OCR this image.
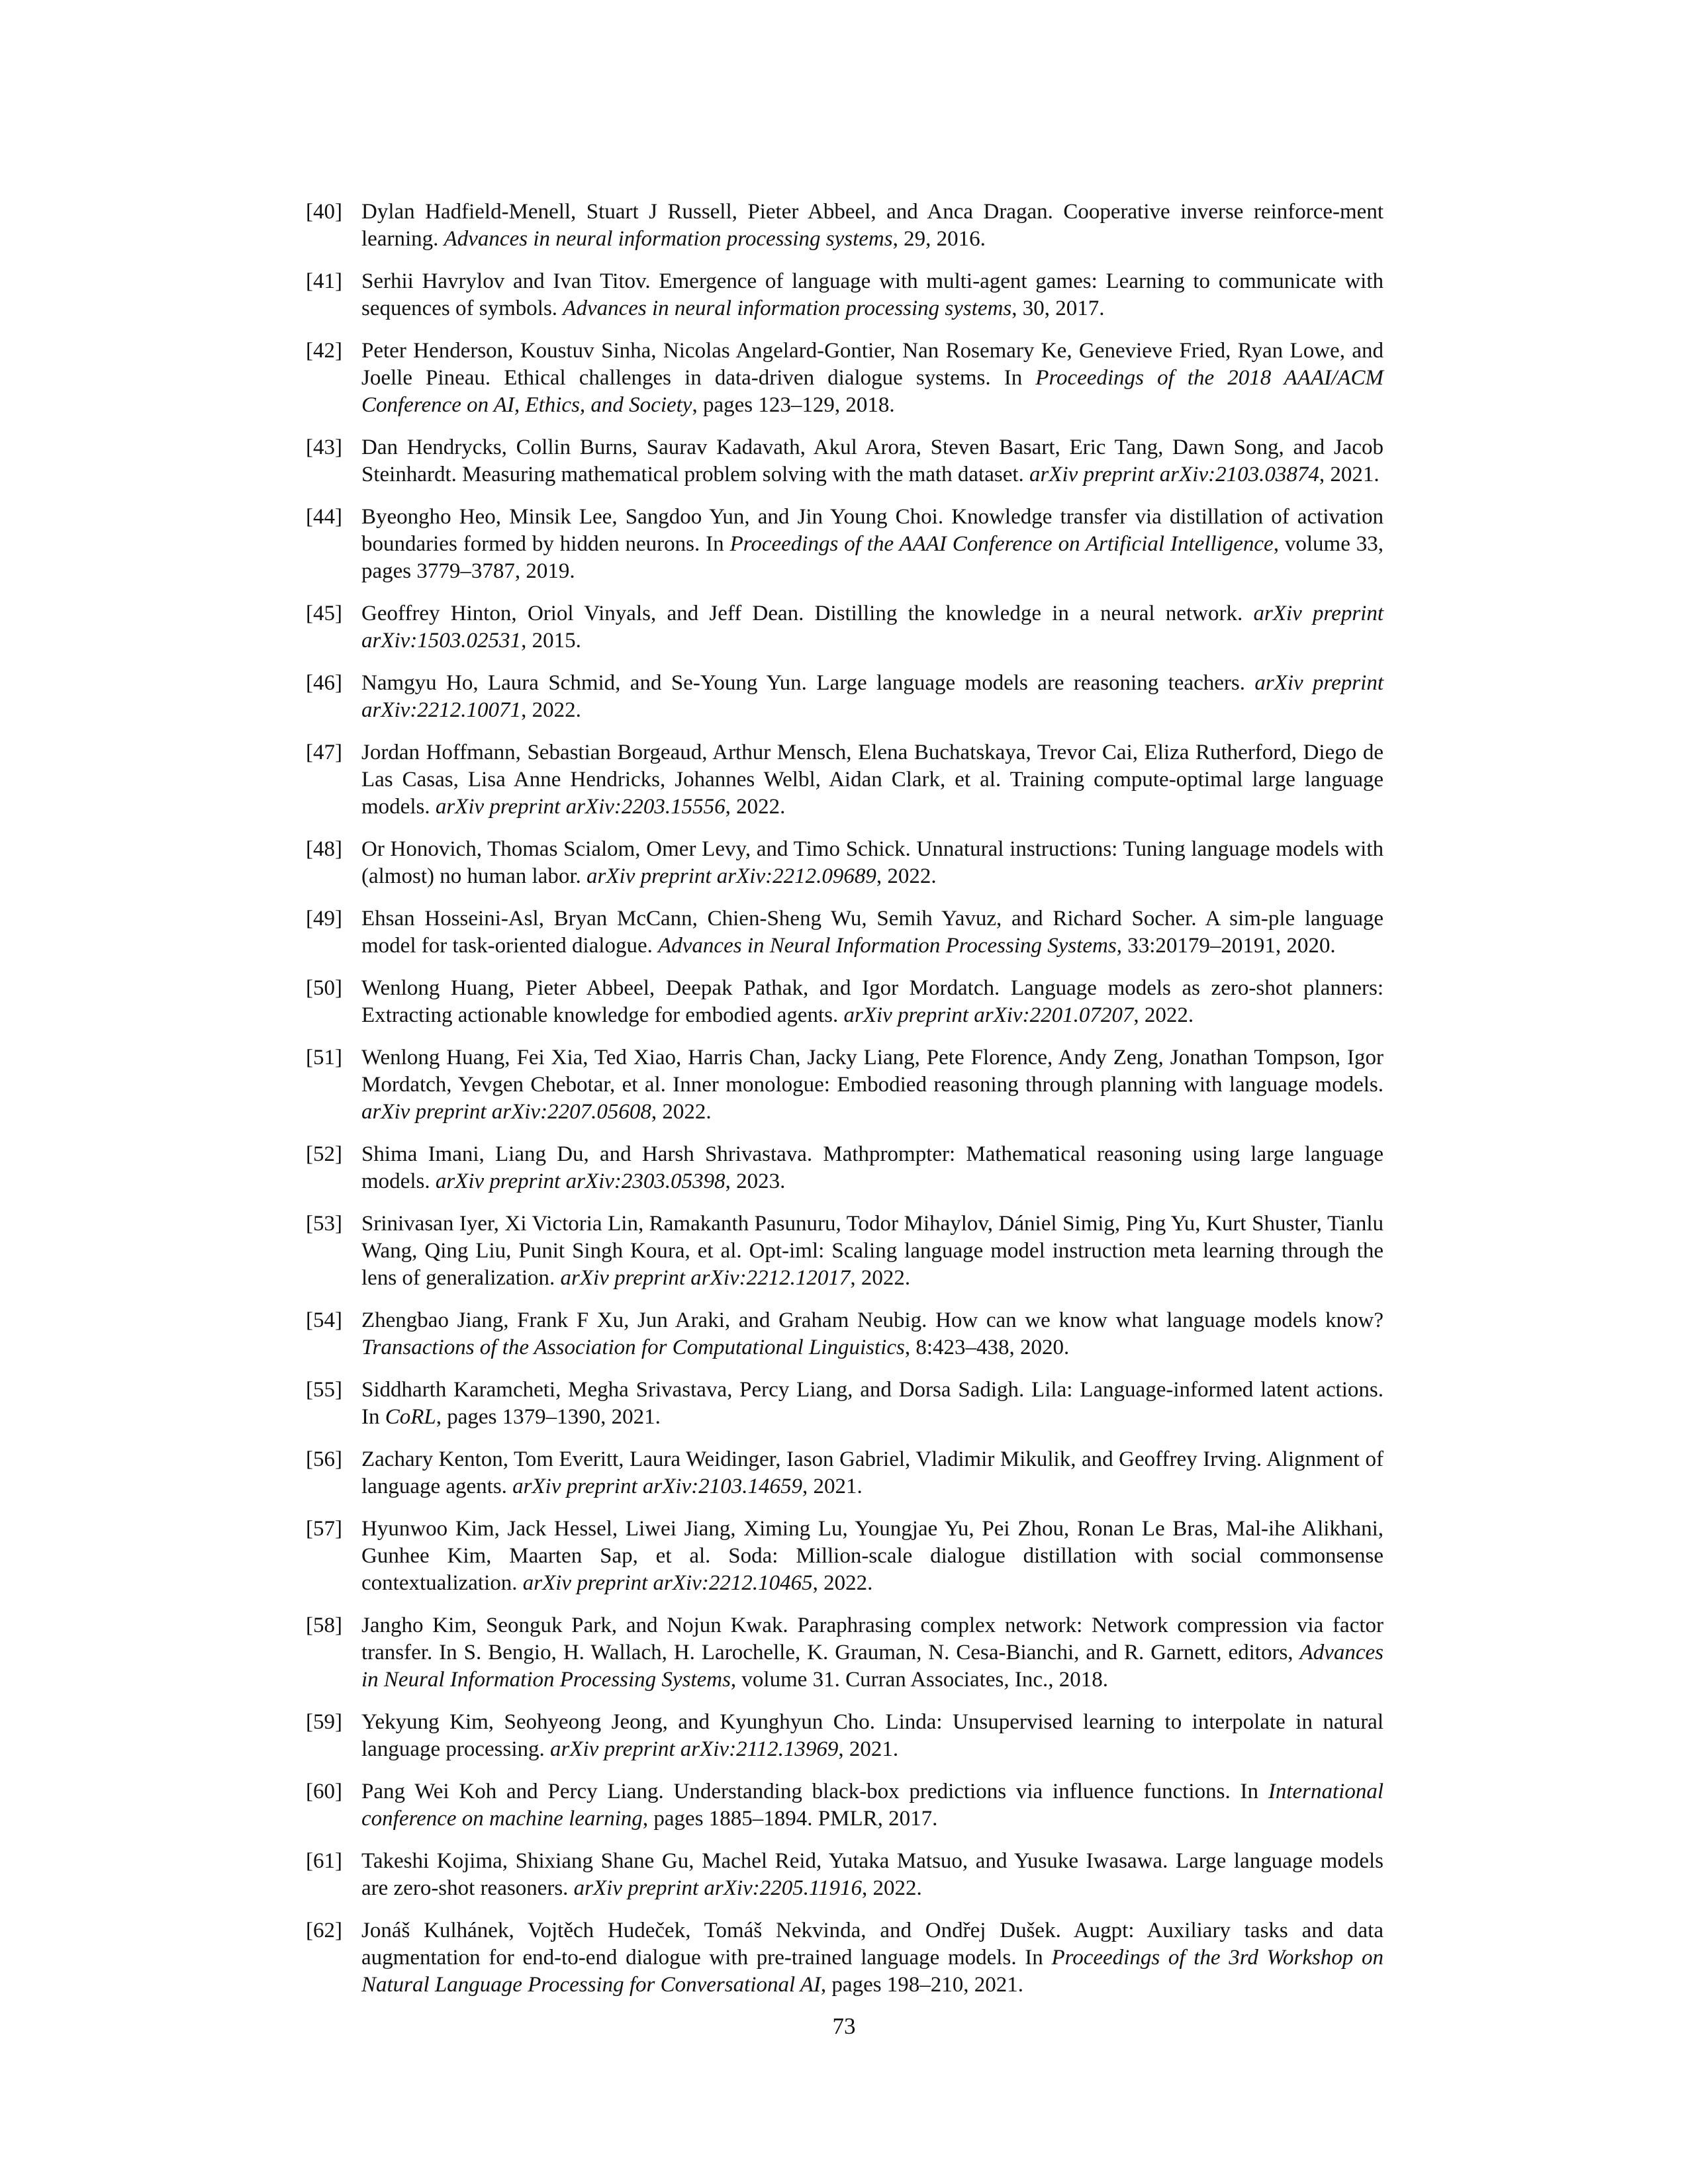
[40] Dylan Hadfield-Menell, Stuart J Russell, Pieter Abbeel, and Anca Dragan. Cooperative inverse reinforce-ment learning. Advances in neural information processing systems, 29, 2016.
[41] Serhii Havrylov and Ivan Titov. Emergence of language with multi-agent games: Learning to communicate with sequences of symbols. Advances in neural information processing systems, 30, 2017.
[42] Peter Henderson, Koustuv Sinha, Nicolas Angelard-Gontier, Nan Rosemary Ke, Genevieve Fried, Ryan Lowe, and Joelle Pineau. Ethical challenges in data-driven dialogue systems. In Proceedings of the 2018 AAAI/ACM Conference on AI, Ethics, and Society, pages 123–129, 2018.
[43] Dan Hendrycks, Collin Burns, Saurav Kadavath, Akul Arora, Steven Basart, Eric Tang, Dawn Song, and Jacob Steinhardt. Measuring mathematical problem solving with the math dataset. arXiv preprint arXiv:2103.03874, 2021.
[44] Byeongho Heo, Minsik Lee, Sangdoo Yun, and Jin Young Choi. Knowledge transfer via distillation of activation boundaries formed by hidden neurons. In Proceedings of the AAAI Conference on Artificial Intelligence, volume 33, pages 3779–3787, 2019.
[45] Geoffrey Hinton, Oriol Vinyals, and Jeff Dean. Distilling the knowledge in a neural network. arXiv preprint arXiv:1503.02531, 2015.
[46] Namgyu Ho, Laura Schmid, and Se-Young Yun. Large language models are reasoning teachers. arXiv preprint arXiv:2212.10071, 2022.
[47] Jordan Hoffmann, Sebastian Borgeaud, Arthur Mensch, Elena Buchatskaya, Trevor Cai, Eliza Rutherford, Diego de Las Casas, Lisa Anne Hendricks, Johannes Welbl, Aidan Clark, et al. Training compute-optimal large language models. arXiv preprint arXiv:2203.15556, 2022.
[48] Or Honovich, Thomas Scialom, Omer Levy, and Timo Schick. Unnatural instructions: Tuning language models with (almost) no human labor. arXiv preprint arXiv:2212.09689, 2022.
[49] Ehsan Hosseini-Asl, Bryan McCann, Chien-Sheng Wu, Semih Yavuz, and Richard Socher. A sim-ple language model for task-oriented dialogue. Advances in Neural Information Processing Systems, 33:20179–20191, 2020.
[50] Wenlong Huang, Pieter Abbeel, Deepak Pathak, and Igor Mordatch. Language models as zero-shot planners: Extracting actionable knowledge for embodied agents. arXiv preprint arXiv:2201.07207, 2022.
[51] Wenlong Huang, Fei Xia, Ted Xiao, Harris Chan, Jacky Liang, Pete Florence, Andy Zeng, Jonathan Tompson, Igor Mordatch, Yevgen Chebotar, et al. Inner monologue: Embodied reasoning through planning with language models. arXiv preprint arXiv:2207.05608, 2022.
[52] Shima Imani, Liang Du, and Harsh Shrivastava. Mathprompter: Mathematical reasoning using large language models. arXiv preprint arXiv:2303.05398, 2023.
[53] Srinivasan Iyer, Xi Victoria Lin, Ramakanth Pasunuru, Todor Mihaylov, Dániel Simig, Ping Yu, Kurt Shuster, Tianlu Wang, Qing Liu, Punit Singh Koura, et al. Opt-iml: Scaling language model instruction meta learning through the lens of generalization. arXiv preprint arXiv:2212.12017, 2022.
[54] Zhengbao Jiang, Frank F Xu, Jun Araki, and Graham Neubig. How can we know what language models know? Transactions of the Association for Computational Linguistics, 8:423–438, 2020.
[55] Siddharth Karamcheti, Megha Srivastava, Percy Liang, and Dorsa Sadigh. Lila: Language-informed latent actions. In CoRL, pages 1379–1390, 2021.
[56] Zachary Kenton, Tom Everitt, Laura Weidinger, Iason Gabriel, Vladimir Mikulik, and Geoffrey Irving. Alignment of language agents. arXiv preprint arXiv:2103.14659, 2021.
[57] Hyunwoo Kim, Jack Hessel, Liwei Jiang, Ximing Lu, Youngjae Yu, Pei Zhou, Ronan Le Bras, Mal-ihe Alikhani, Gunhee Kim, Maarten Sap, et al. Soda: Million-scale dialogue distillation with social commonsense contextualization. arXiv preprint arXiv:2212.10465, 2022.
[58] Jangho Kim, Seonguk Park, and Nojun Kwak. Paraphrasing complex network: Network compression via factor transfer. In S. Bengio, H. Wallach, H. Larochelle, K. Grauman, N. Cesa-Bianchi, and R. Garnett, editors, Advances in Neural Information Processing Systems, volume 31. Curran Associates, Inc., 2018.
[59] Yekyung Kim, Seohyeong Jeong, and Kyunghyun Cho. Linda: Unsupervised learning to interpolate in natural language processing. arXiv preprint arXiv:2112.13969, 2021.
[60] Pang Wei Koh and Percy Liang. Understanding black-box predictions via influence functions. In International conference on machine learning, pages 1885–1894. PMLR, 2017.
[61] Takeshi Kojima, Shixiang Shane Gu, Machel Reid, Yutaka Matsuo, and Yusuke Iwasawa. Large language models are zero-shot reasoners. arXiv preprint arXiv:2205.11916, 2022.
[62] Jonáš Kulhánek, Vojtěch Hudeček, Tomáš Nekvinda, and Ondřej Dušek. Augpt: Auxiliary tasks and data augmentation for end-to-end dialogue with pre-trained language models. In Proceedings of the 3rd Workshop on Natural Language Processing for Conversational AI, pages 198–210, 2021.
73
